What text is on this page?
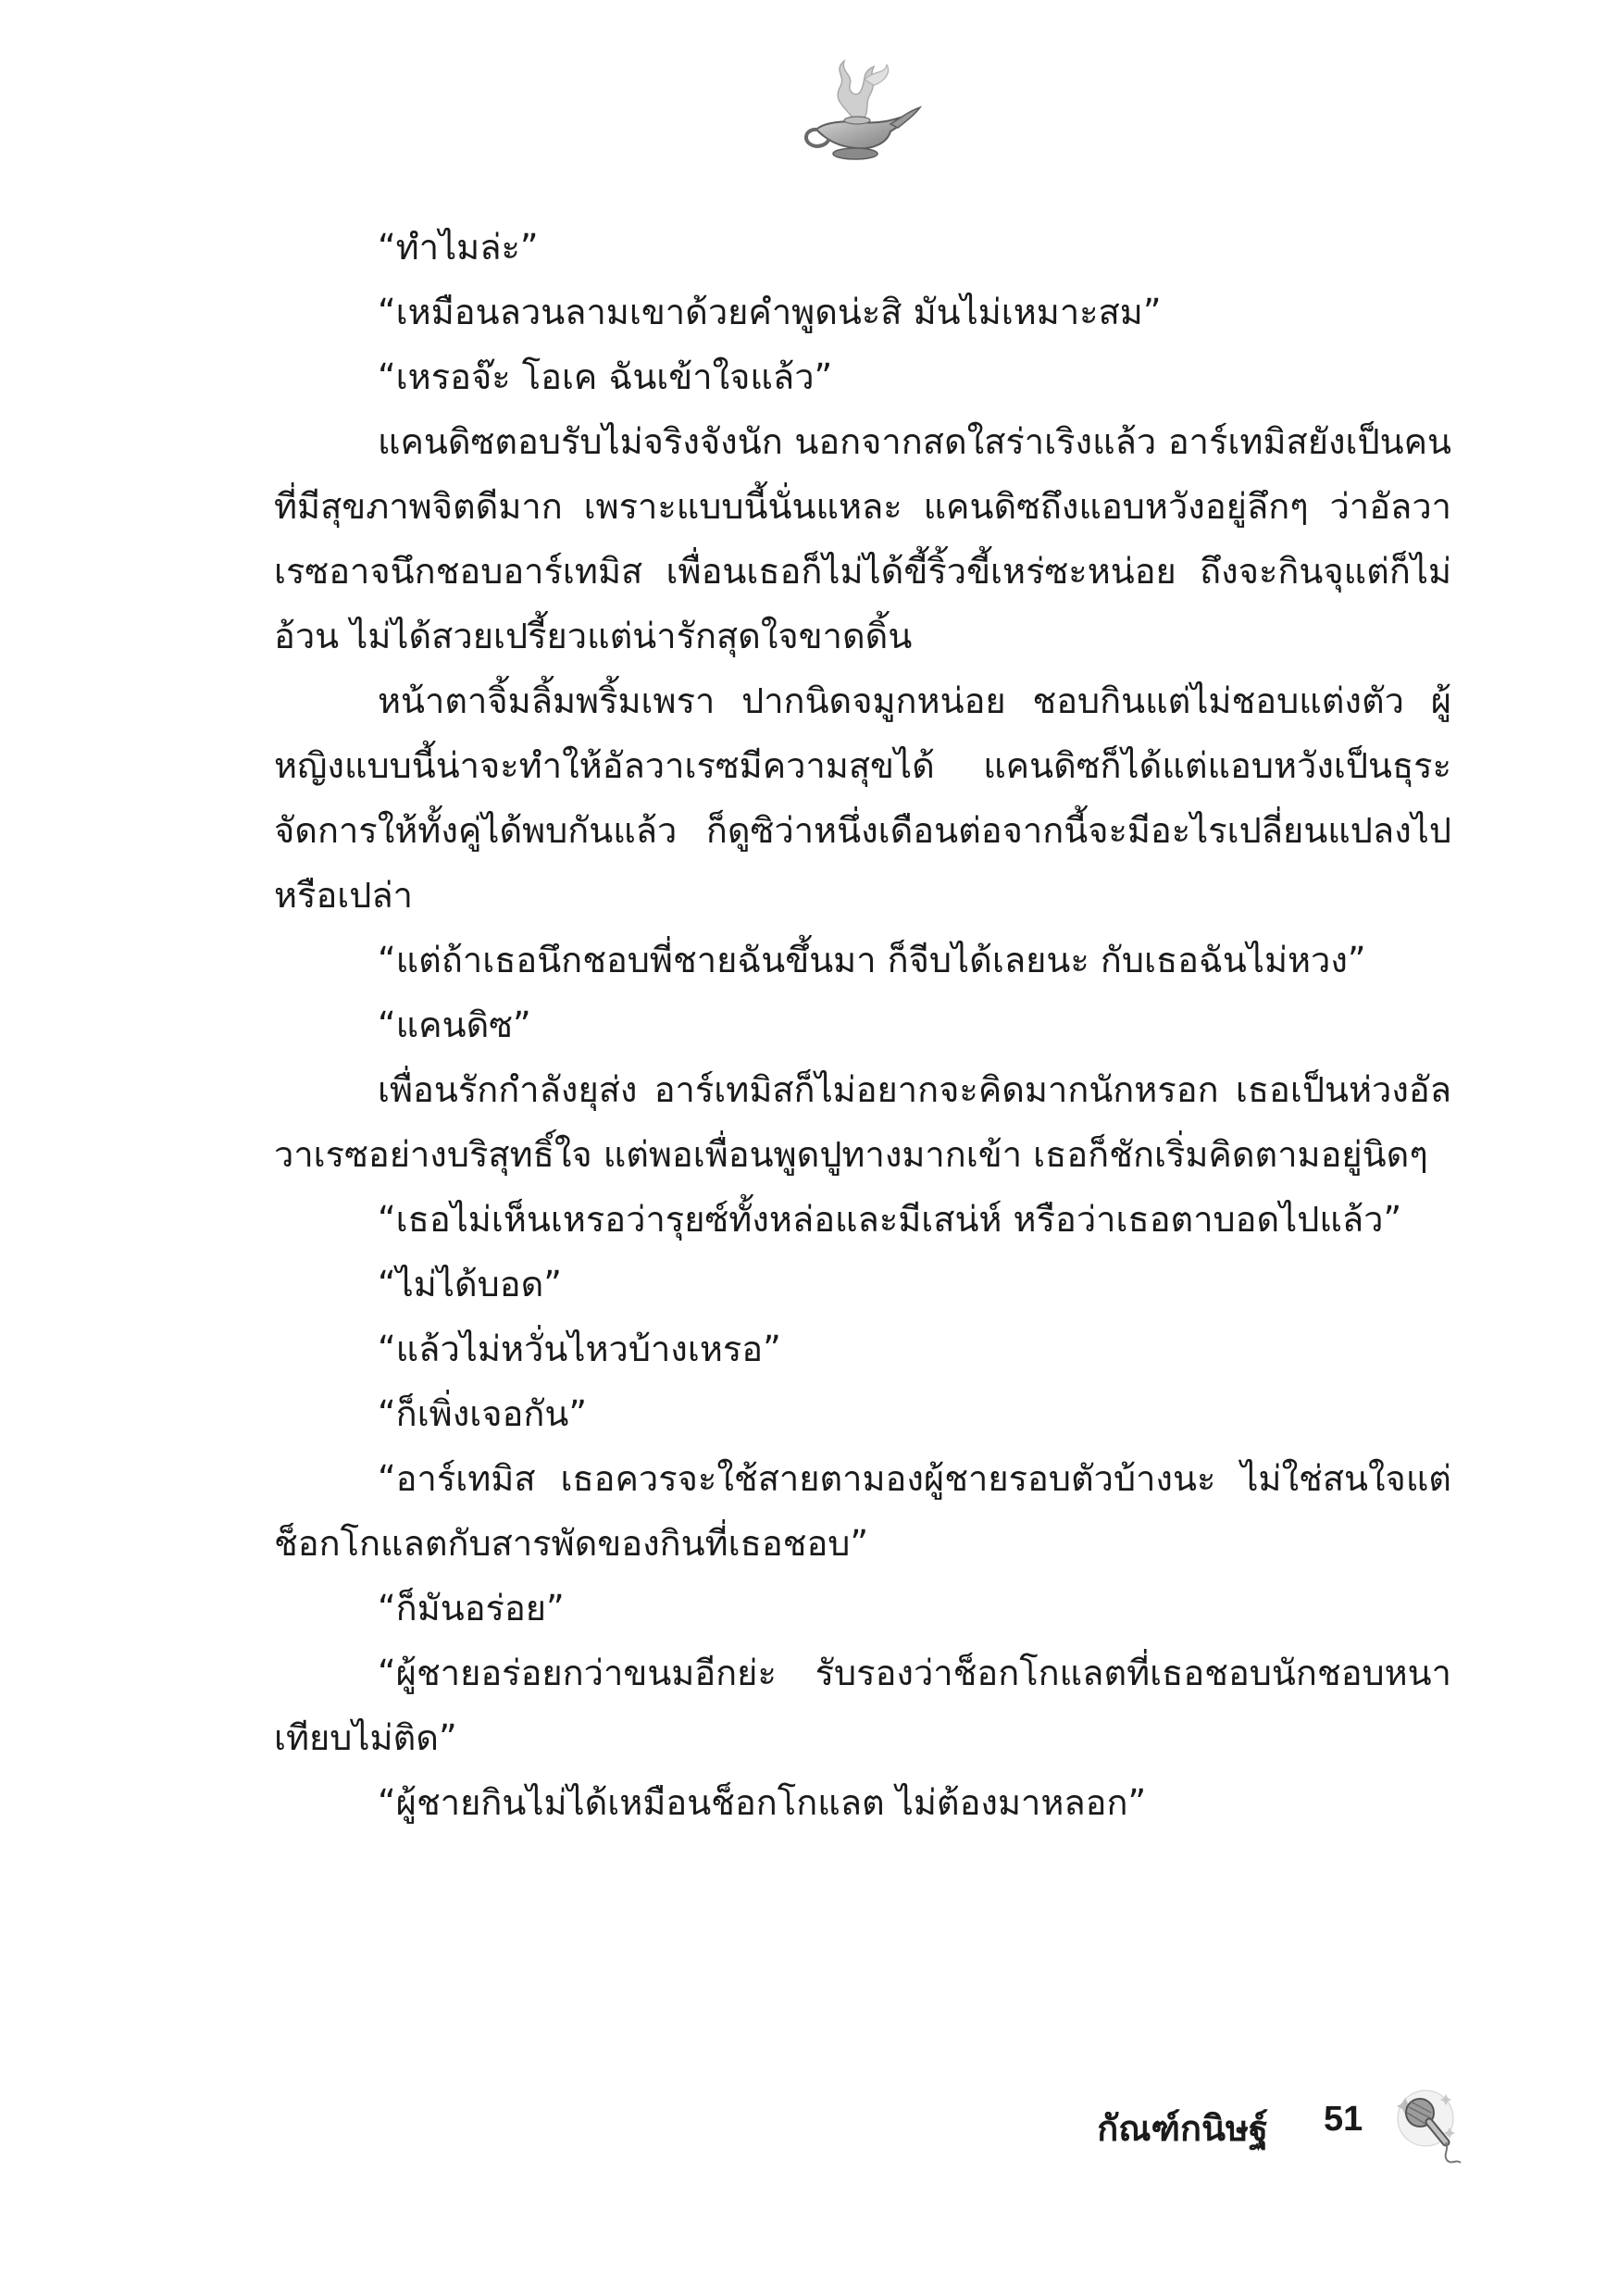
“ทำไมล่ะ”

“เหมือนลวนลามเขาด้วยคำพูดน่ะสิ มันไม่เหมาะสม”

“เหรอจ๊ะ โอเค ฉันเข้าใจแล้ว”

แคนดิซตอบรับไม่จริงจังนัก นอกจากสดใสร่าเริงแล้ว อาร์เทมิสยังเป็นคนที่มีสุขภาพจิตดีมาก เพราะแบบนี้นั่นแหละ แคนดิซถึงแอบหวังอยู่ลึกๆ ว่าอัลวาเรซอาจนึกชอบอาร์เทมิส เพื่อนเธอก็ไม่ได้ขี้ริ้วขี้เหร่ซะหน่อย ถึงจะกินจุแต่ก็ไม่อ้วน ไม่ได้สวยเปรี้ยวแต่น่ารักสุดใจขาดดิ้น

หน้าตาจิ้มลิ้มพริ้มเพรา ปากนิดจมูกหน่อย ชอบกินแต่ไม่ชอบแต่งตัว ผู้หญิงแบบนี้น่าจะทำให้อัลวาเรซมีความสุขได้ แคนดิซก็ได้แต่แอบหวังเป็นธุระจัดการให้ทั้งคู่ได้พบกันแล้ว ก็ดูซิว่าหนึ่งเดือนต่อจากนี้จะมีอะไรเปลี่ยนแปลงไปหรือเปล่า

“แต่ถ้าเธอนึกชอบพี่ชายฉันขึ้นมา ก็จีบได้เลยนะ กับเธอฉันไม่หวง”

“แคนดิซ”

เพื่อนรักกำลังยุส่ง อาร์เทมิสก็ไม่อยากจะคิดมากนักหรอก เธอเป็นห่วงอัลวาเรซอย่างบริสุทธิ์ใจ แต่พอเพื่อนพูดปูทางมากเข้า เธอก็ชักเริ่มคิดตามอยู่นิดๆ

“เธอไม่เห็นเหรอว่ารุยซ์ทั้งหล่อและมีเสน่ห์ หรือว่าเธอตาบอดไปแล้ว”

“ไม่ได้บอด”

“แล้วไม่หวั่นไหวบ้างเหรอ”

“ก็เพิ่งเจอกัน”

“อาร์เทมิส เธอควรจะใช้สายตามองผู้ชายรอบตัวบ้างนะ ไม่ใช่สนใจแต่ช็อกโกแลตกับสารพัดของกินที่เธอชอบ”

“ก็มันอร่อย”

“ผู้ชายอร่อยกว่าขนมอีกย่ะ รับรองว่าช็อกโกแลตที่เธอชอบนักชอบหนาเทียบไม่ติด”

“ผู้ชายกินไม่ได้เหมือนช็อกโกแลต ไม่ต้องมาหลอก”

กัณฑ์กนิษฐ์ 51
